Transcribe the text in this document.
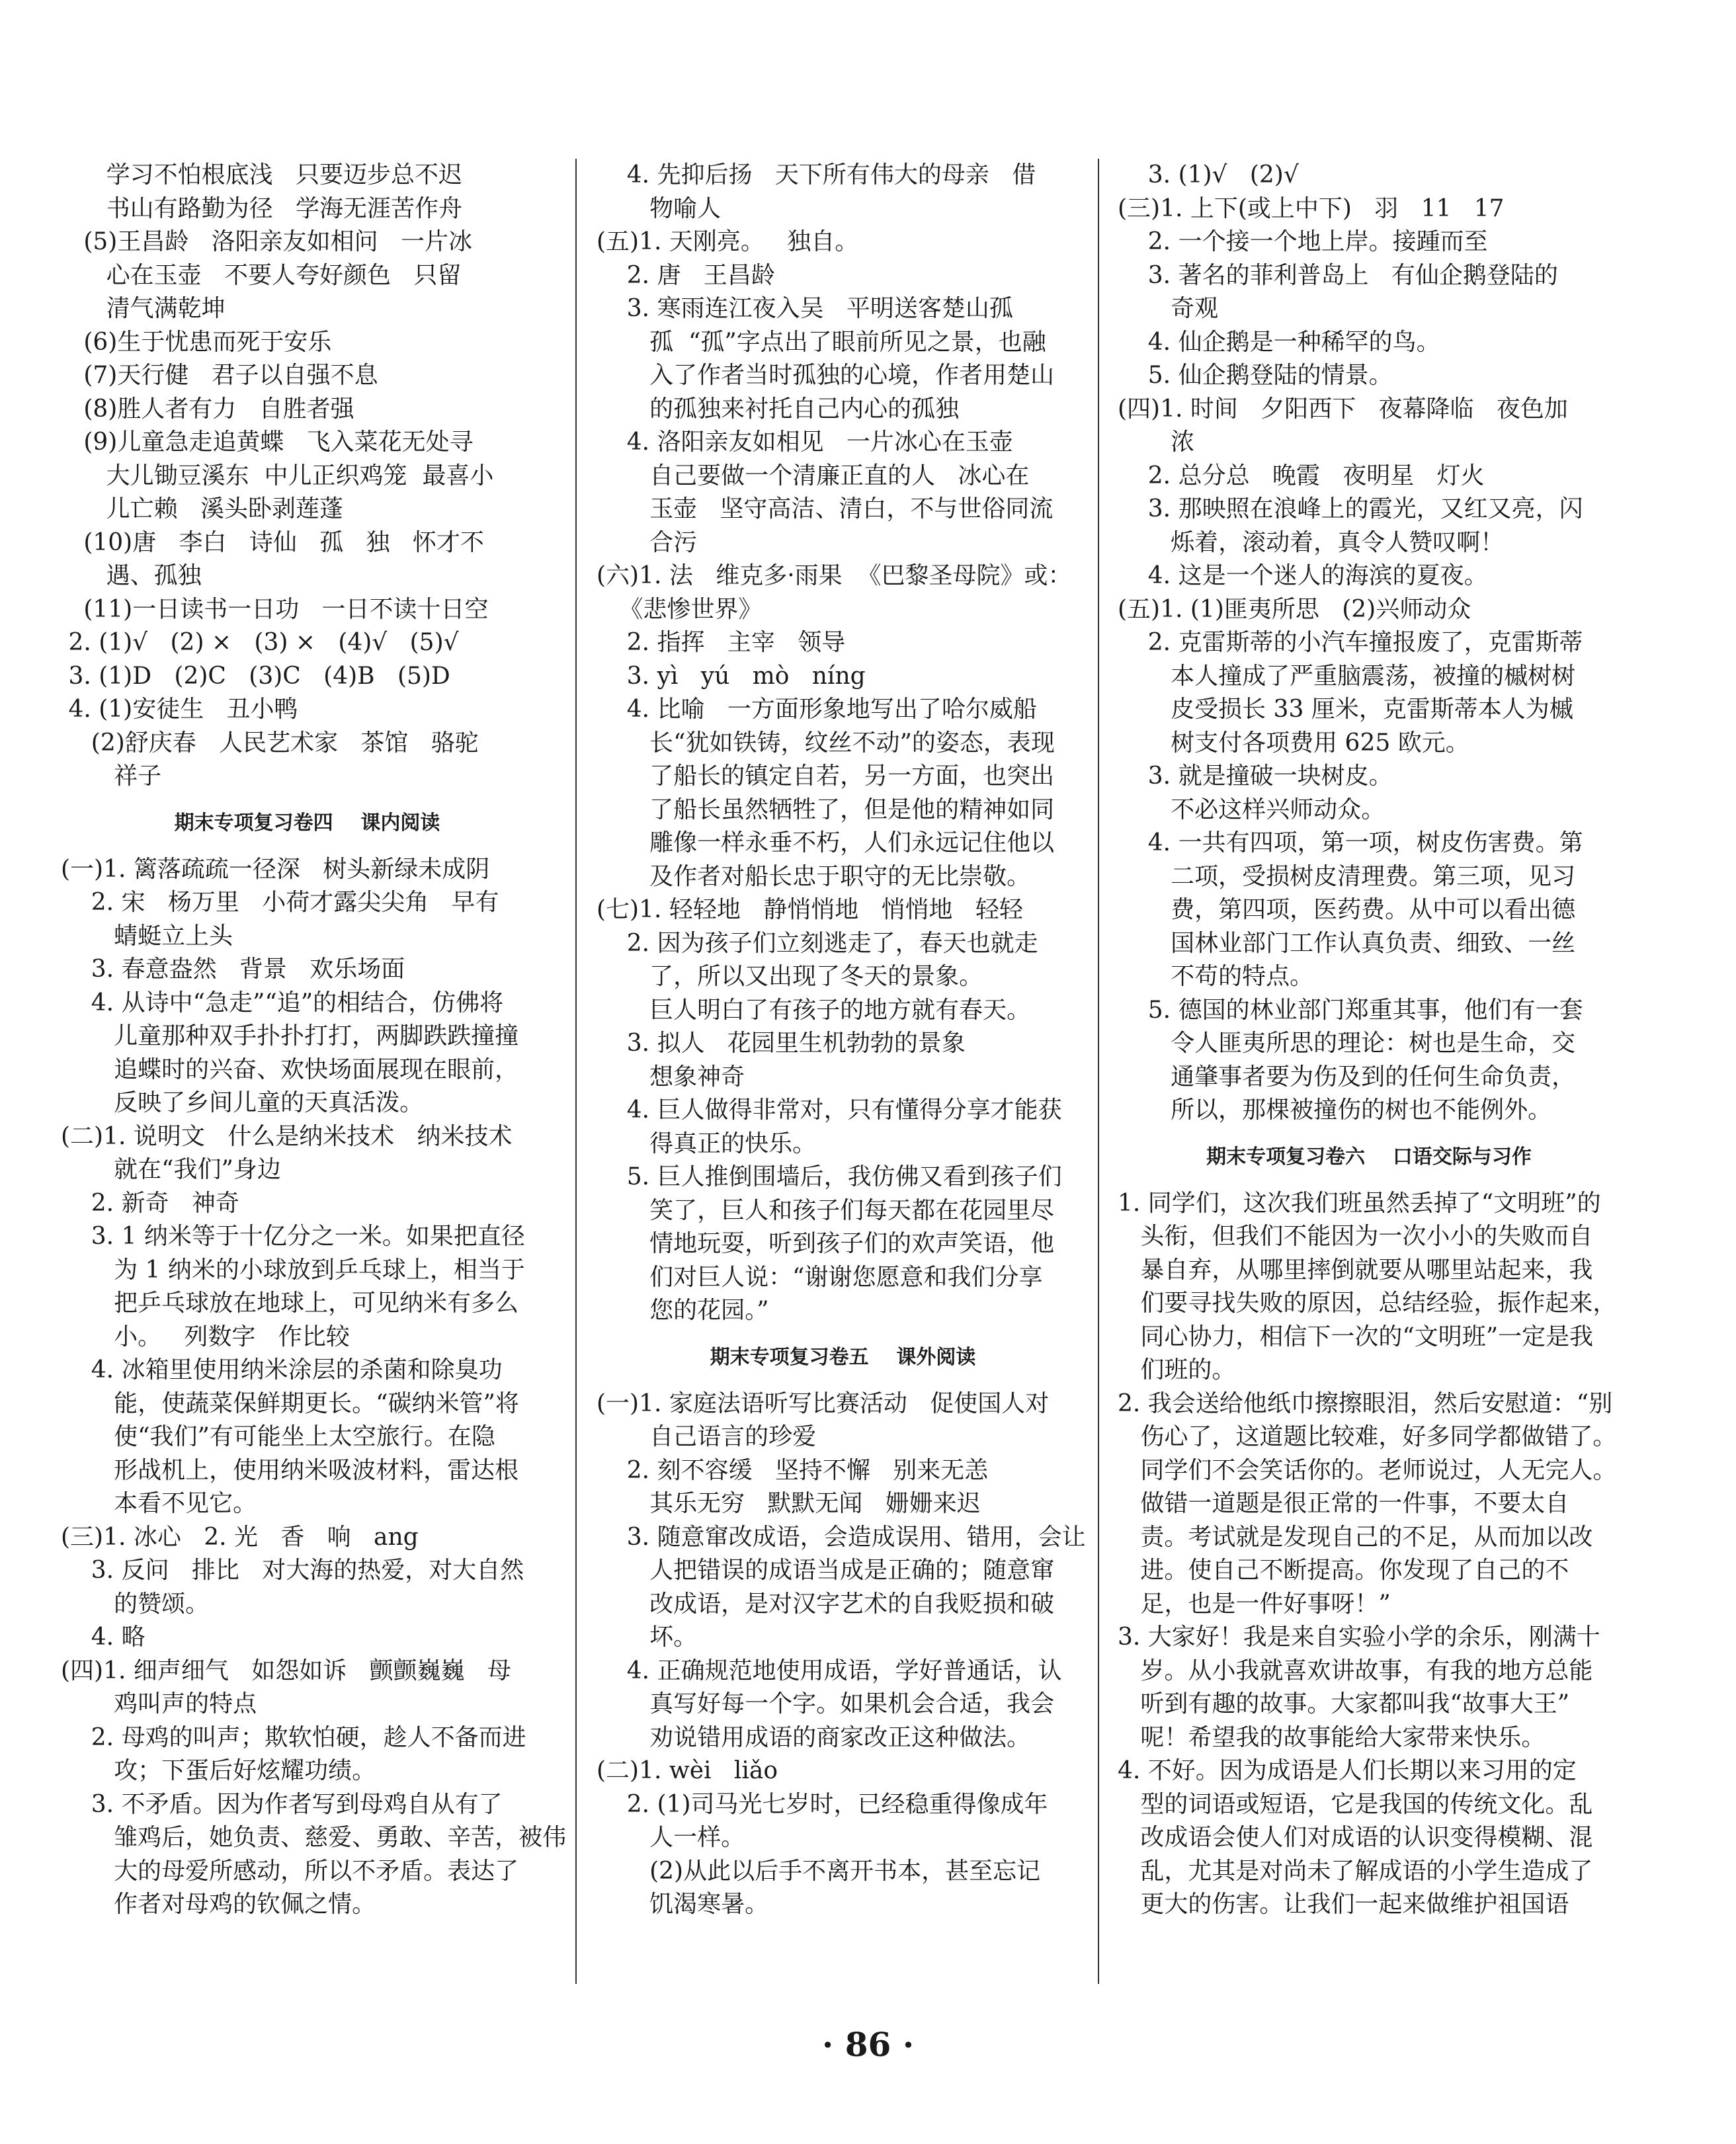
学习不怕根底浅   只要迈步总不迟
书山有路勤为径   学海无涯苦作舟
(5)王昌龄   洛阳亲友如相问   一片冰
心在玉壶   不要人夸好颜色   只留
清气满乾坤
(6)生于忧患而死于安乐
(7)天行健   君子以自强不息
(8)胜人者有力   自胜者强
(9)儿童急走追黄蝶   飞入菜花无处寻
大儿锄豆溪东  中儿正织鸡笼  最喜小
儿亡赖   溪头卧剥莲蓬
(10)唐   李白   诗仙   孤   独   怀才不
遇、孤独
(11)一日读书一日功   一日不读十日空
2. (1)√   (2) ×   (3) ×   (4)√   (5)√
3. (1)D   (2)C   (3)C   (4)B   (5)D
4. (1)安徒生   丑小鸭
(2)舒庆春   人民艺术家   茶馆   骆驼
祥子
期末专项复习卷四    课内阅读
(一)1. 篱落疏疏一径深   树头新绿未成阴
2. 宋   杨万里   小荷才露尖尖角   早有
蜻蜓立上头
3. 春意盎然   背景   欢乐场面
4. 从诗中“急走”“追”的相结合，仿佛将
儿童那种双手扑扑打打，两脚跌跌撞撞
追蝶时的兴奋、欢快场面展现在眼前，
反映了乡间儿童的天真活泼。
(二)1. 说明文   什么是纳米技术   纳米技术
就在“我们”身边
2. 新奇   神奇
3. 1 纳米等于十亿分之一米。如果把直径
为 1 纳米的小球放到乒乓球上，相当于
把乒乓球放在地球上，可见纳米有多么
小。   列数字   作比较
4. 冰箱里使用纳米涂层的杀菌和除臭功
能，使蔬菜保鲜期更长。“碳纳米管”将
使“我们”有可能坐上太空旅行。在隐
形战机上，使用纳米吸波材料，雷达根
本看不见它。
(三)1. 冰心   2. 光   香   响   ang
3. 反问   排比   对大海的热爱，对大自然
的赞颂。
4. 略
(四)1. 细声细气   如怨如诉   颤颤巍巍   母
鸡叫声的特点
2. 母鸡的叫声；欺软怕硬，趁人不备而进
攻；下蛋后好炫耀功绩。
3. 不矛盾。因为作者写到母鸡自从有了
雏鸡后，她负责、慈爱、勇敢、辛苦，被伟
大的母爱所感动，所以不矛盾。表达了
作者对母鸡的钦佩之情。
4. 先抑后扬   天下所有伟大的母亲   借
物喻人
(五)1. 天刚亮。   独自。
2. 唐   王昌龄
3. 寒雨连江夜入吴   平明送客楚山孤
孤  “孤”字点出了眼前所见之景，也融
入了作者当时孤独的心境，作者用楚山
的孤独来衬托自己内心的孤独
4. 洛阳亲友如相见   一片冰心在玉壶
自己要做一个清廉正直的人   冰心在
玉壶   坚守高洁、清白，不与世俗同流
合污
(六)1. 法   维克多·雨果  《巴黎圣母院》或：
《悲惨世界》
2. 指挥   主宰   领导
3. yì   yú   mò   níng
4. 比喻   一方面形象地写出了哈尔威船
长“犹如铁铸，纹丝不动”的姿态，表现
了船长的镇定自若，另一方面，也突出
了船长虽然牺牲了，但是他的精神如同
雕像一样永垂不朽，人们永远记住他以
及作者对船长忠于职守的无比崇敬。
(七)1. 轻轻地   静悄悄地   悄悄地   轻轻
2. 因为孩子们立刻逃走了，春天也就走
了，所以又出现了冬天的景象。
巨人明白了有孩子的地方就有春天。
3. 拟人   花园里生机勃勃的景象
想象神奇
4. 巨人做得非常对，只有懂得分享才能获
得真正的快乐。
5. 巨人推倒围墙后，我仿佛又看到孩子们
笑了，巨人和孩子们每天都在花园里尽
情地玩耍，听到孩子们的欢声笑语，他
们对巨人说：“谢谢您愿意和我们分享
您的花园。”
期末专项复习卷五    课外阅读
(一)1. 家庭法语听写比赛活动   促使国人对
自己语言的珍爱
2. 刻不容缓   坚持不懈   别来无恙
其乐无穷   默默无闻   姗姗来迟
3. 随意窜改成语，会造成误用、错用，会让
人把错误的成语当成是正确的；随意窜
改成语，是对汉字艺术的自我贬损和破
坏。
4. 正确规范地使用成语，学好普通话，认
真写好每一个字。如果机会合适，我会
劝说错用成语的商家改正这种做法。
(二)1. wèi   liǎo
2. (1)司马光七岁时，已经稳重得像成年
人一样。
(2)从此以后手不离开书本，甚至忘记
饥渴寒暑。
3. (1)√   (2)√
(三)1. 上下(或上中下)   羽   11   17
2. 一个接一个地上岸。接踵而至
3. 著名的菲利普岛上   有仙企鹅登陆的
奇观
4. 仙企鹅是一种稀罕的鸟。
5. 仙企鹅登陆的情景。
(四)1. 时间   夕阳西下   夜幕降临   夜色加
浓
2. 总分总   晚霞   夜明星   灯火
3. 那映照在浪峰上的霞光，又红又亮，闪
烁着，滚动着，真令人赞叹啊！
4. 这是一个迷人的海滨的夏夜。
(五)1. (1)匪夷所思   (2)兴师动众
2. 克雷斯蒂的小汽车撞报废了，克雷斯蒂
本人撞成了严重脑震荡，被撞的槭树树
皮受损长 33 厘米，克雷斯蒂本人为槭
树支付各项费用 625 欧元。
3. 就是撞破一块树皮。
不必这样兴师动众。
4. 一共有四项，第一项，树皮伤害费。第
二项，受损树皮清理费。第三项，见习
费，第四项，医药费。从中可以看出德
国林业部门工作认真负责、细致、一丝
不苟的特点。
5. 德国的林业部门郑重其事，他们有一套
令人匪夷所思的理论：树也是生命，交
通肇事者要为伤及到的任何生命负责，
所以，那棵被撞伤的树也不能例外。
期末专项复习卷六    口语交际与习作
1. 同学们，这次我们班虽然丢掉了“文明班”的
头衔，但我们不能因为一次小小的失败而自
暴自弃，从哪里摔倒就要从哪里站起来，我
们要寻找失败的原因，总结经验，振作起来，
同心协力，相信下一次的“文明班”一定是我
们班的。
2. 我会送给他纸巾擦擦眼泪，然后安慰道：“别
伤心了，这道题比较难，好多同学都做错了。
同学们不会笑话你的。老师说过，人无完人。
做错一道题是很正常的一件事，不要太自
责。考试就是发现自己的不足，从而加以改
进。使自己不断提高。你发现了自己的不
足，也是一件好事呀！”
3. 大家好！我是来自实验小学的余乐，刚满十
岁。从小我就喜欢讲故事，有我的地方总能
听到有趣的故事。大家都叫我“故事大王”
呢！希望我的故事能给大家带来快乐。
4. 不好。因为成语是人们长期以来习用的定
型的词语或短语，它是我国的传统文化。乱
改成语会使人们对成语的认识变得模糊、混
乱，尤其是对尚未了解成语的小学生造成了
更大的伤害。让我们一起来做维护祖国语
· 86 ·
